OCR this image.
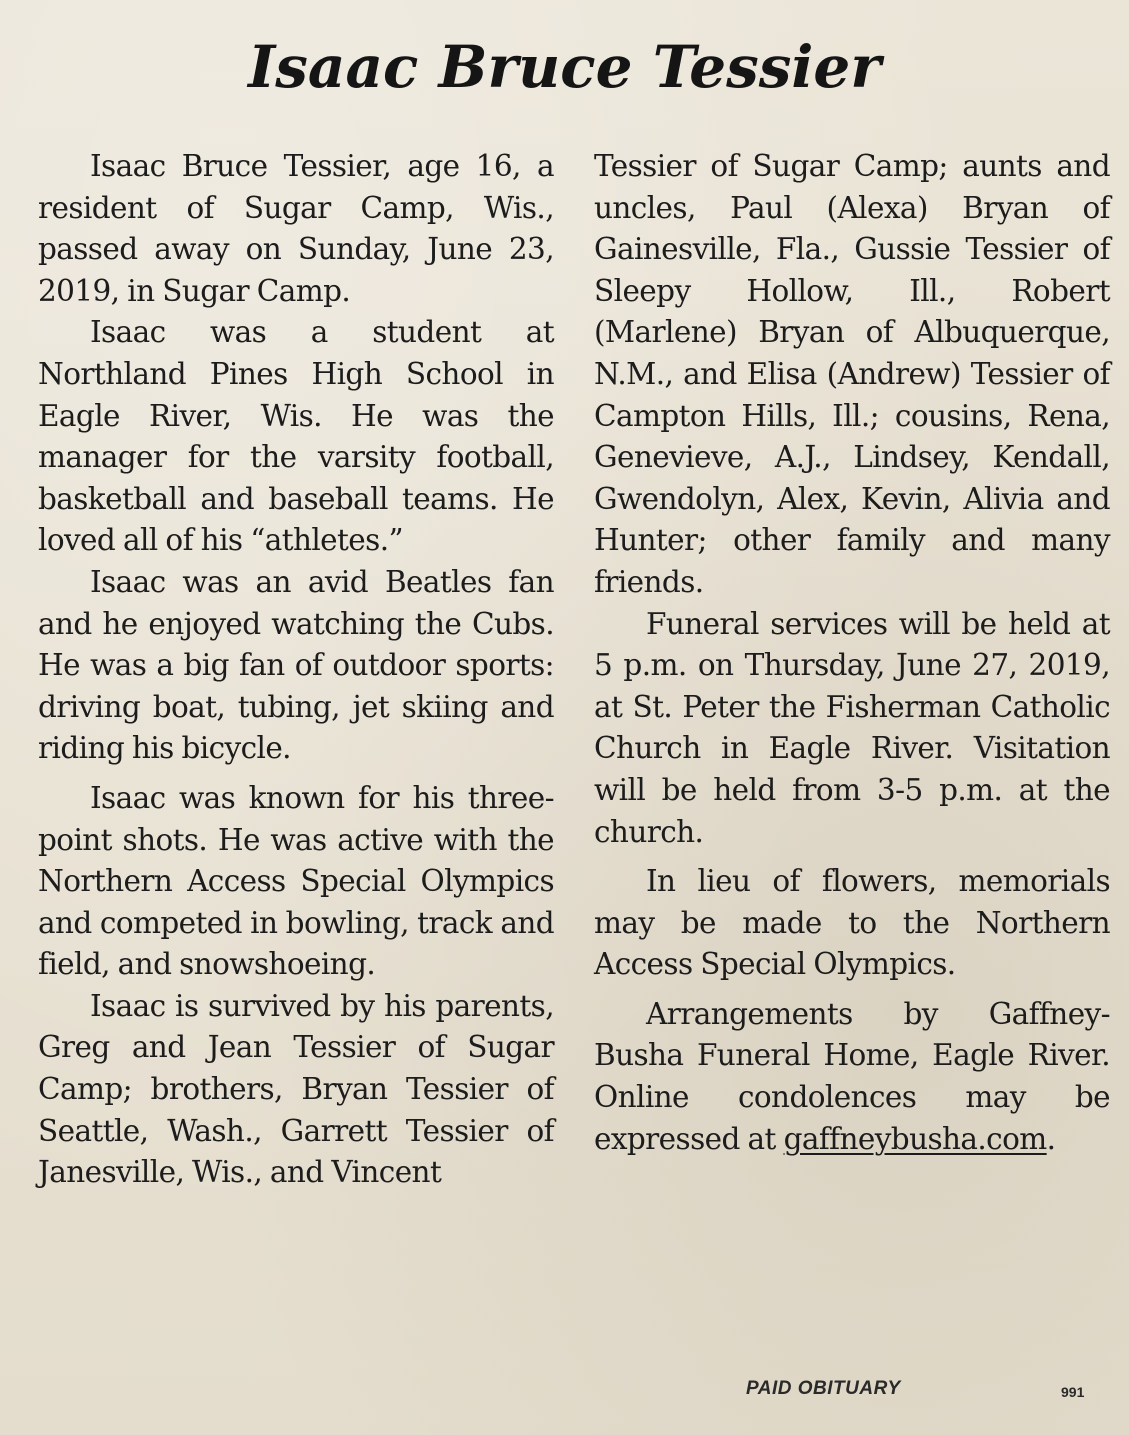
Isaac Bruce Tessier

Isaac Bruce Tessier, age 16, a resident of Sugar Camp, Wis., passed away on Sunday, June 23, 2019, in Sugar Camp.

Isaac was a student at Northland Pines High School in Eagle River, Wis. He was the manager for the varsity football, basketball and baseball teams. He loved all of his “athletes.”

Isaac was an avid Beatles fan and he enjoyed watching the Cubs. He was a big fan of outdoor sports: driving boat, tubing, jet skiing and riding his bicycle.

Isaac was known for his three-point shots. He was active with the Northern Access Special Olympics and competed in bowling, track and field, and snowshoeing.

Isaac is survived by his parents, Greg and Jean Tessier of Sugar Camp; brothers, Bryan Tessier of Seattle, Wash., Garrett Tessier of Janesville, Wis., and Vincent

Tessier of Sugar Camp; aunts and uncles, Paul (Alexa) Bryan of Gainesville, Fla., Gussie Tessier of Sleepy Hollow, Ill., Robert (Marlene) Bryan of Albuquerque, N.M., and Elisa (Andrew) Tessier of Campton Hills, Ill.; cousins, Rena, Genevieve, A.J., Lindsey, Kendall, Gwendolyn, Alex, Kevin, Alivia and Hunter; other family and many friends.

Funeral services will be held at 5 p.m. on Thursday, June 27, 2019, at St. Peter the Fisherman Catholic Church in Eagle River. Visitation will be held from 3-5 p.m. at the church.

In lieu of flowers, memorials may be made to the Northern Access Special Olympics.

Arrangements by Gaffney-Busha Funeral Home, Eagle River. Online condolences may be expressed at gaffneybusha.com.

PAID OBITUARY	991
